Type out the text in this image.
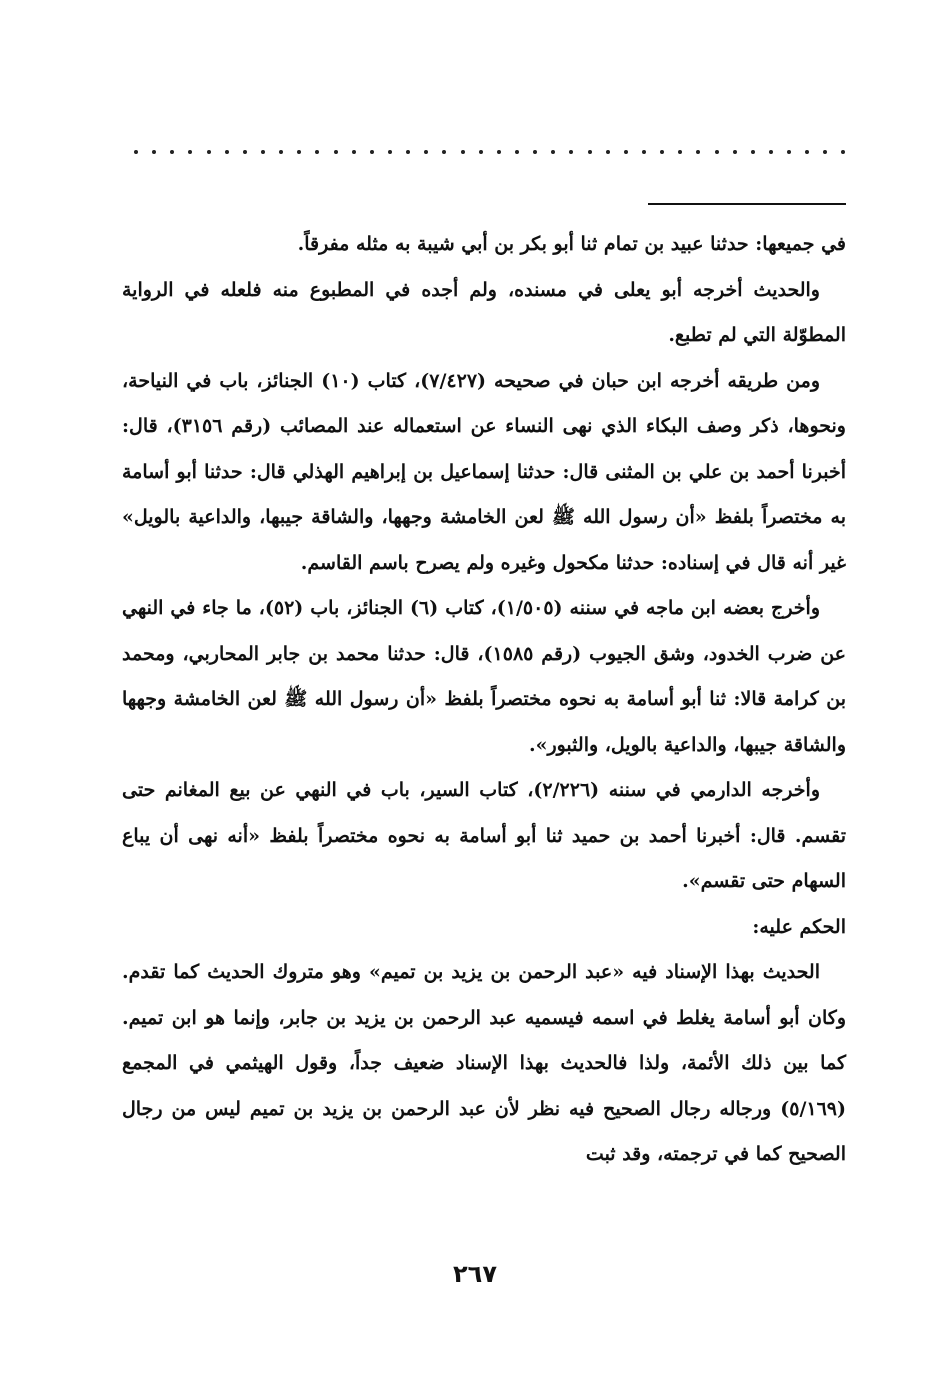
في جميعها: حدثنا عبيد بن تمام ثنا أبو بكر بن أبي شيبة به مثله مفرقاً.

والحديث أخرجه أبو يعلى في مسنده، ولم أجده في المطبوع منه فلعله في الرواية المطوّلة التي لم تطبع.

ومن طريقه أخرجه ابن حبان في صحيحه (٧/٤٢٧)، كتاب (١٠) الجنائز، باب في النياحة، ونحوها، ذكر وصف البكاء الذي نهى النساء عن استعماله عند المصائب (رقم ٣١٥٦)، قال: أخبرنا أحمد بن علي بن المثنى قال: حدثنا إسماعيل بن إبراهيم الهذلي قال: حدثنا أبو أسامة به مختصراً بلفظ «أن رسول الله ﷺ لعن الخامشة وجهها، والشاقة جيبها، والداعية بالويل» غير أنه قال في إسناده: حدثنا مكحول وغيره ولم يصرح باسم القاسم.

وأخرج بعضه ابن ماجه في سننه (١/٥٠٥)، كتاب (٦) الجنائز، باب (٥٢)، ما جاء في النهي عن ضرب الخدود، وشق الجيوب (رقم ١٥٨٥)، قال: حدثنا محمد بن جابر المحاربي، ومحمد بن كرامة قالا: ثنا أبو أسامة به نحوه مختصراً بلفظ «أن رسول الله ﷺ لعن الخامشة وجهها والشاقة جيبها، والداعية بالويل، والثبور».

وأخرجه الدارمي في سننه (٢/٢٢٦)، كتاب السير، باب في النهي عن بيع المغانم حتى تقسم. قال: أخبرنا أحمد بن حميد ثنا أبو أسامة به نحوه مختصراً بلفظ «أنه نهى أن يباع السهام حتى تقسم».

الحكم عليه:

الحديث بهذا الإسناد فيه «عبد الرحمن بن يزيد بن تميم» وهو متروك الحديث كما تقدم. وكان أبو أسامة يغلط في اسمه فيسميه عبد الرحمن بن يزيد بن جابر، وإنما هو ابن تميم. كما بين ذلك الأئمة، ولذا فالحديث بهذا الإسناد ضعيف جداً، وقول الهيثمي في المجمع (٥/١٦٩) ورجاله رجال الصحيح فيه نظر لأن عبد الرحمن بن يزيد بن تميم ليس من رجال الصحيح كما في ترجمته، وقد ثبت

٢٦٧
